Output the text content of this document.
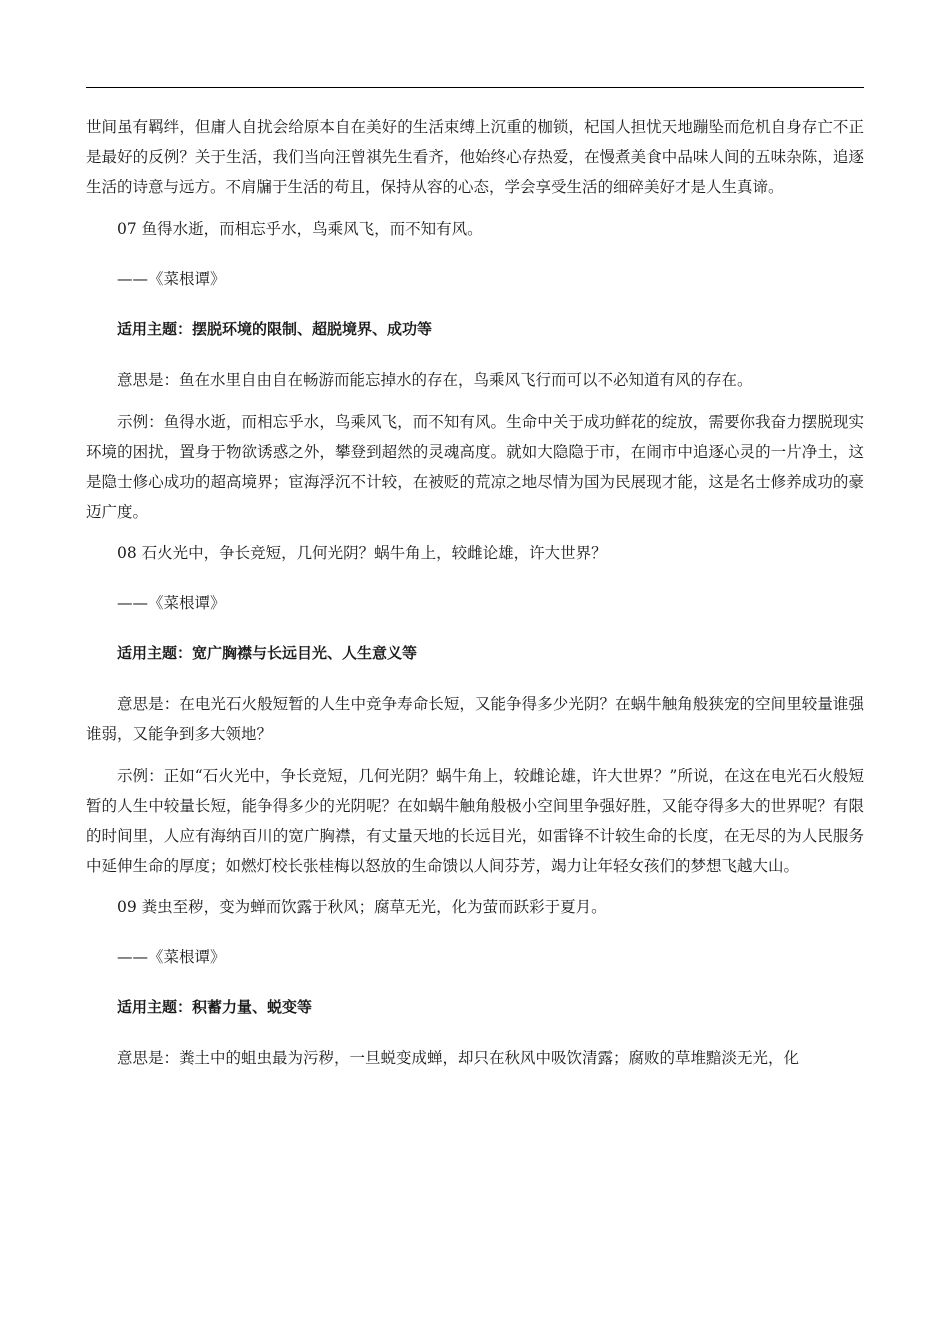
世间虽有羁绊，但庸人自扰会给原本自在美好的生活束缚上沉重的枷锁，杞国人担忧天地蹦坠而危机自身存亡不正是最好的反例？关于生活，我们当向汪曾祺先生看齐，他始终心存热爱，在慢煮美食中品味人间的五味杂陈，追逐生活的诗意与远方。不肩牖于生活的苟且，保持从容的心态，学会享受生活的细碎美好才是人生真谛。

07 鱼得水逝，而相忘乎水，鸟乘风飞，而不知有风。

——《菜根谭》

适用主题：摆脱环境的限制、超脱境界、成功等

意思是：鱼在水里自由自在畅游而能忘掉水的存在，鸟乘风飞行而可以不必知道有风的存在。

示例：鱼得水逝，而相忘乎水，鸟乘风飞，而不知有风。生命中关于成功鲜花的绽放，需要你我奋力摆脱现实环境的困扰，置身于物欲诱惑之外，攀登到超然的灵魂高度。就如大隐隐于市，在闹市中追逐心灵的一片净土，这是隐士修心成功的超高境界；宦海浮沉不计较，在被贬的荒凉之地尽情为国为民展现才能，这是名士修养成功的豪迈广度。

08 石火光中，争长竞短，几何光阴？蜗牛角上，较雌论雄，许大世界？

——《菜根谭》

适用主题：宽广胸襟与长远目光、人生意义等

意思是：在电光石火般短暂的人生中竞争寿命长短，又能争得多少光阴？在蜗牛触角般狭宠的空间里较量谁强谁弱，又能争到多大领地？

示例：正如“石火光中，争长竞短，几何光阴？蜗牛角上，较雌论雄，许大世界？”所说，在这在电光石火般短暂的人生中较量长短，能争得多少的光阴呢？在如蜗牛触角般极小空间里争强好胜，又能夺得多大的世界呢？有限的时间里，人应有海纳百川的宽广胸襟，有丈量天地的长远目光，如雷锋不计较生命的长度，在无尽的为人民服务中延伸生命的厚度；如燃灯校长张桂梅以怒放的生命馈以人间芬芳，竭力让年轻女孩们的梦想飞越大山。

09 粪虫至秽，变为蝉而饮露于秋风；腐草无光，化为萤而跃彩于夏月。

——《菜根谭》

适用主题：积蓄力量、蜕变等

意思是：粪土中的蛆虫最为污秽，一旦蜕变成蝉，却只在秋风中吸饮清露；腐败的草堆黯淡无光，化
